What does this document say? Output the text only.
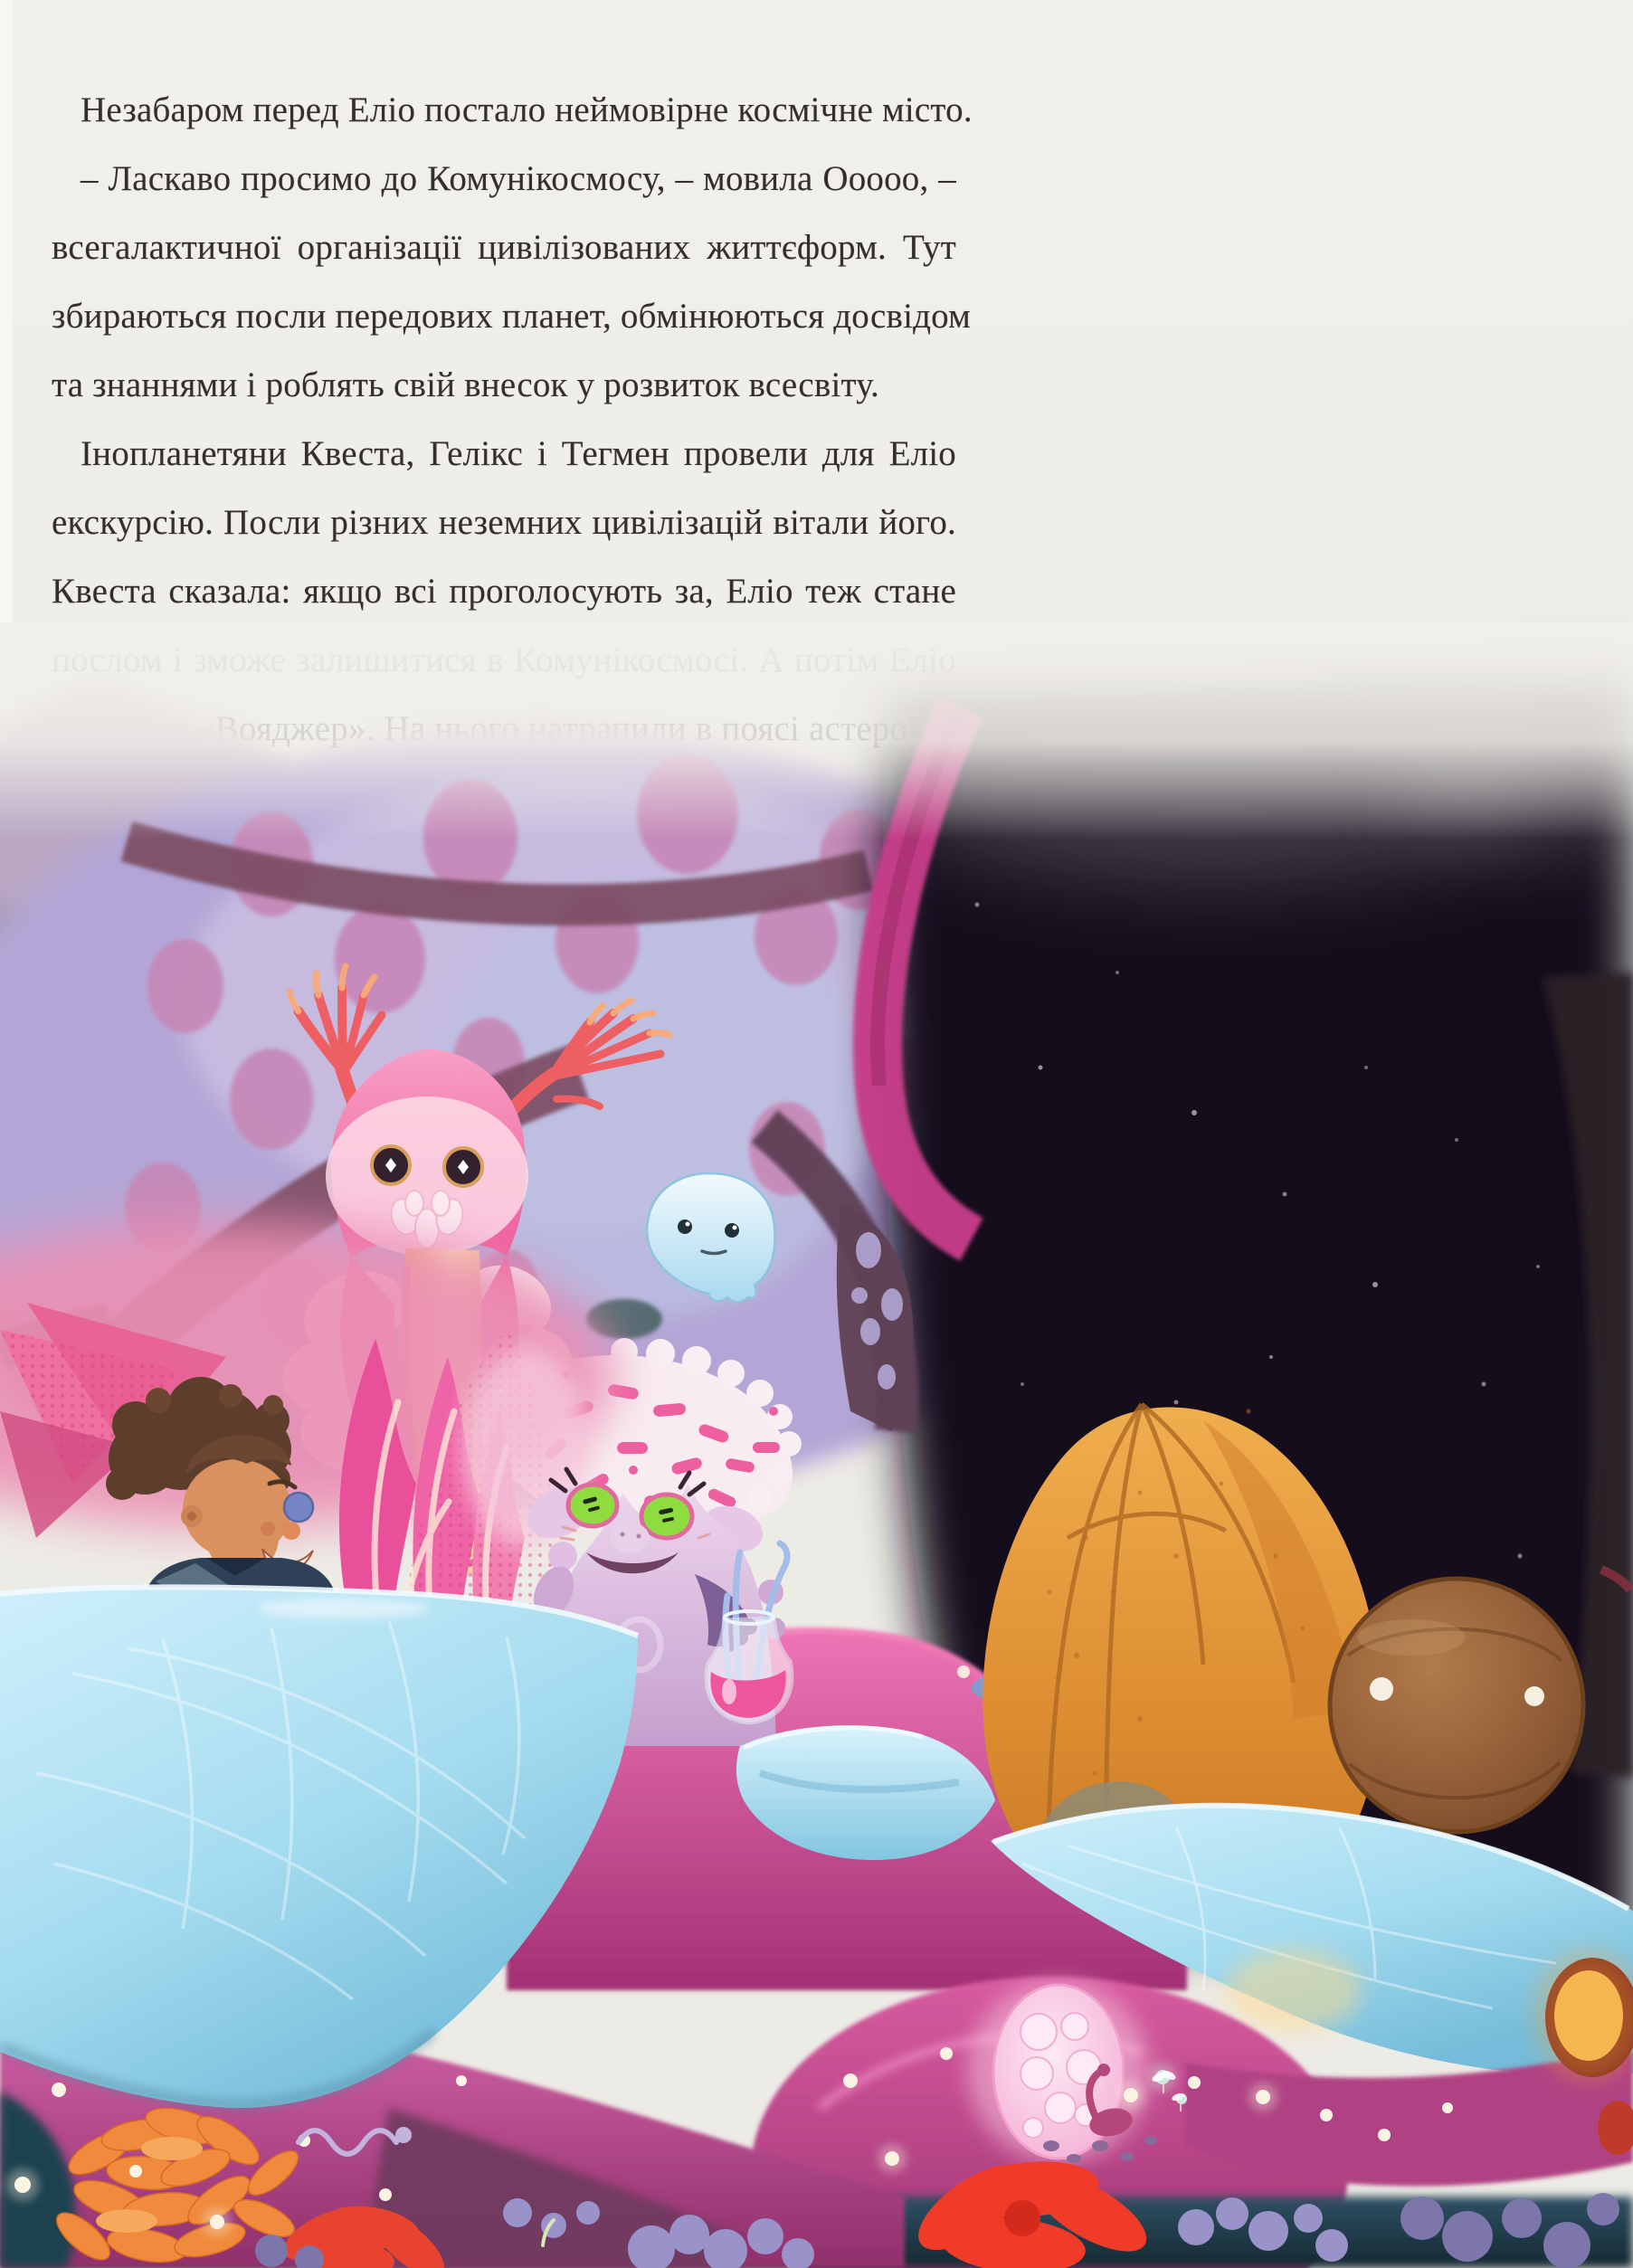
Незабаром перед Еліо постало неймовірне космічне місто.
– Ласкаво просимо до Комунікосмосу, – мовила Ооооо, –
всегалактичної організації цивілізованих життєформ. Тут
збираються посли передових планет, обмінюються досвідом
та знаннями і роблять свій внесок у розвиток всесвіту.
Інопланетяни Квеста, Гелікс і Тегмен провели для Еліо
екскурсію. Посли різних неземних цивілізацій вітали його.
Квеста сказала: якщо всі проголосують за, Еліо теж стане
